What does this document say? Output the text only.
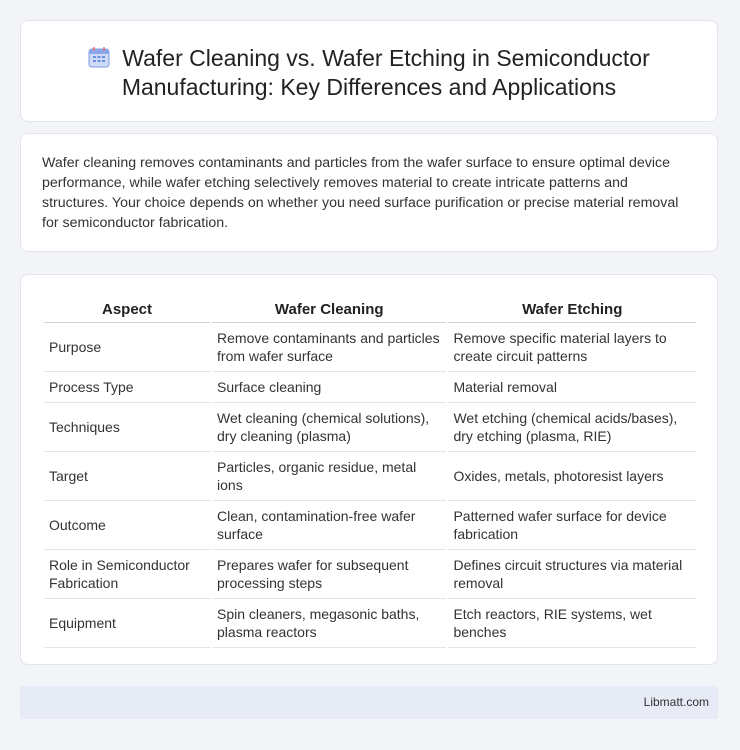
Wafer Cleaning vs. Wafer Etching in Semiconductor
Manufacturing: Key Differences and Applications
Wafer cleaning removes contaminants and particles from the wafer surface to ensure optimal device performance, while wafer etching selectively removes material to create intricate patterns and structures. Your choice depends on whether you need surface purification or precise material removal for semiconductor fabrication.
Aspect	Wafer Cleaning	Wafer Etching
Purpose	Remove contaminants and particles from wafer surface	Remove specific material layers to create circuit patterns
Process Type	Surface cleaning	Material removal
Techniques	Wet cleaning (chemical solutions), dry cleaning (plasma)	Wet etching (chemical acids/bases), dry etching (plasma, RIE)
Target	Particles, organic residue, metal ions	Oxides, metals, photoresist layers
Outcome	Clean, contamination-free wafer surface	Patterned wafer surface for device fabrication
Role in Semiconductor Fabrication	Prepares wafer for subsequent processing steps	Defines circuit structures via material removal
Equipment	Spin cleaners, megasonic baths, plasma reactors	Etch reactors, RIE systems, wet benches
Libmatt.com
